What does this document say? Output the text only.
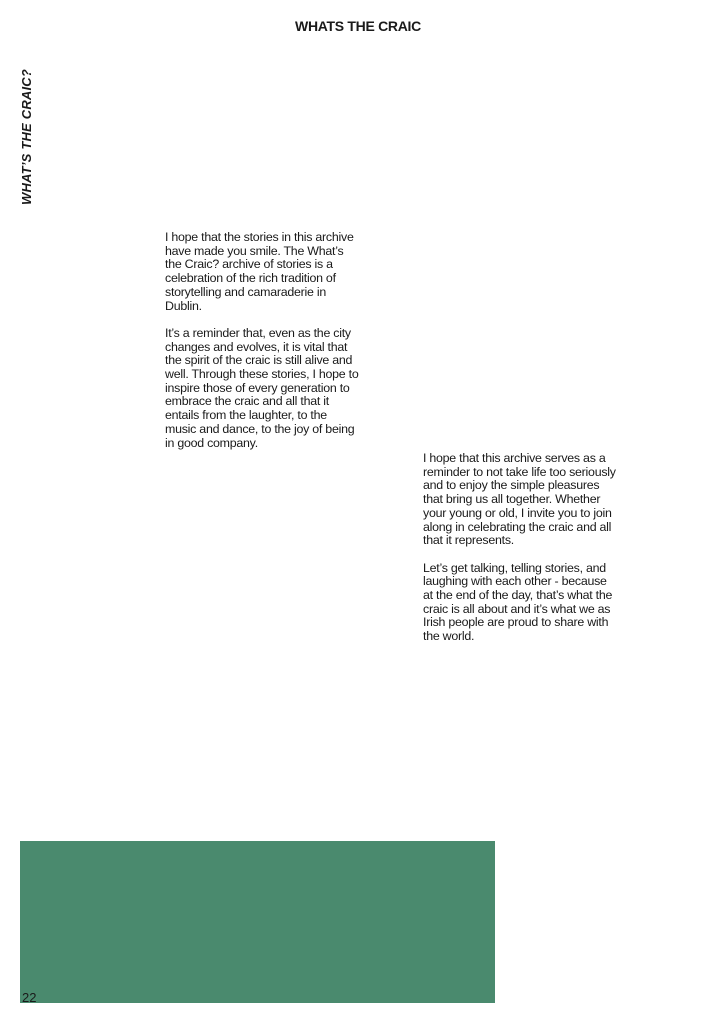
WHATS THE CRAIC
WHAT’S THE CRAIC?

I hope that the stories in this archive have made you smile. The What’s the Craic? archive of stories is a celebration of the rich tradition of storytelling and camaraderie in Dublin.

It’s a reminder that, even as the city changes and evolves, it is vital that the spirit of the craic is still alive and well. Through these stories, I hope to inspire those of every generation to embrace the craic and all that it entails from the laughter, to the music and dance, to the joy of being in good company.

I hope that this archive serves as a reminder to not take life too seriously and to enjoy the simple pleasures that bring us all together. Whether your young or old, I invite you to join along in celebrating the craic and all that it represents.

Let’s get talking, telling stories, and laughing with each other - because at the end of the day, that’s what the craic is all about and it’s what we as Irish people are proud to share with the world.

22
